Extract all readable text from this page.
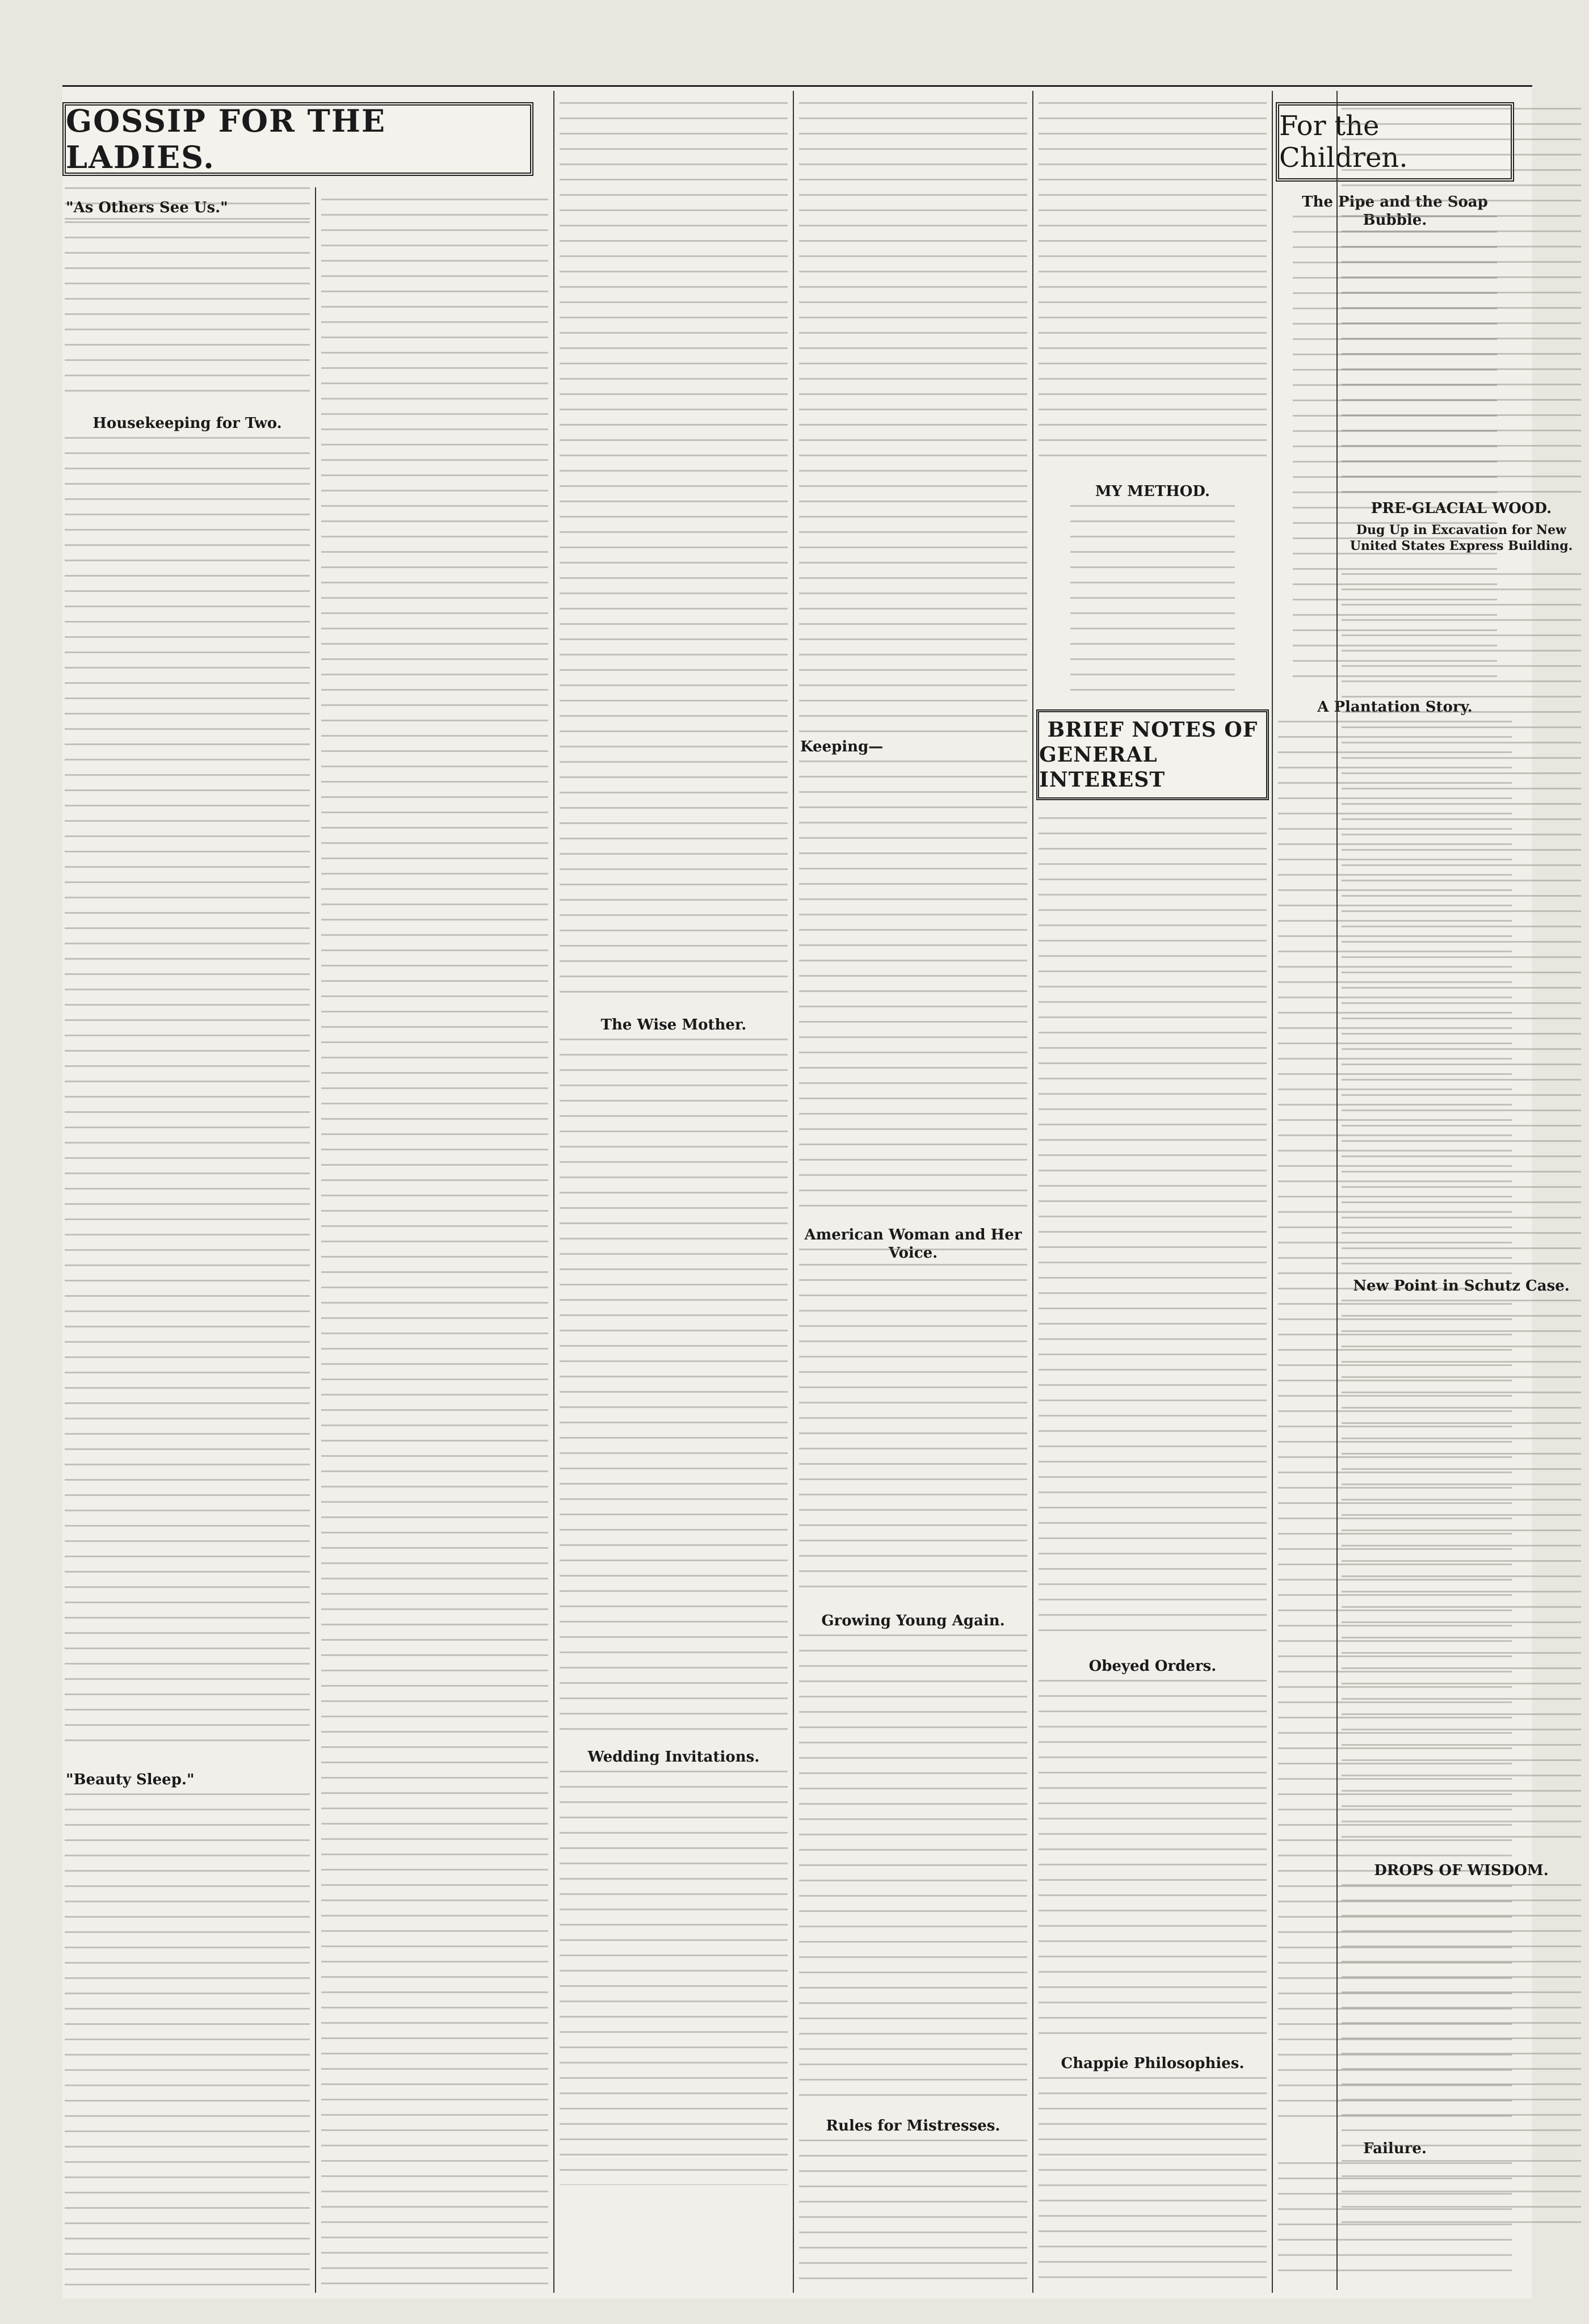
GOSSIP FOR THE LADIES.
"As Others See Us."
Housekeeping for Two.
"Beauty Sleep."
The Wise Mother.
Wedding Invitations.
Keeping—
American Woman and Her Voice.
Growing Young Again.
Rules for Mistresses.
MY METHOD.
BRIEF NOTES OF
GENERAL INTEREST
Obeyed Orders.
Chappie Philosophies.
For the Children.
The Pipe and the Soap Bubble.
A Plantation Story.
Failure.
PRE-GLACIAL WOOD.
Dug Up in Excavation for New United States Express Building.
New Point in Schutz Case.
DROPS OF WISDOM.
